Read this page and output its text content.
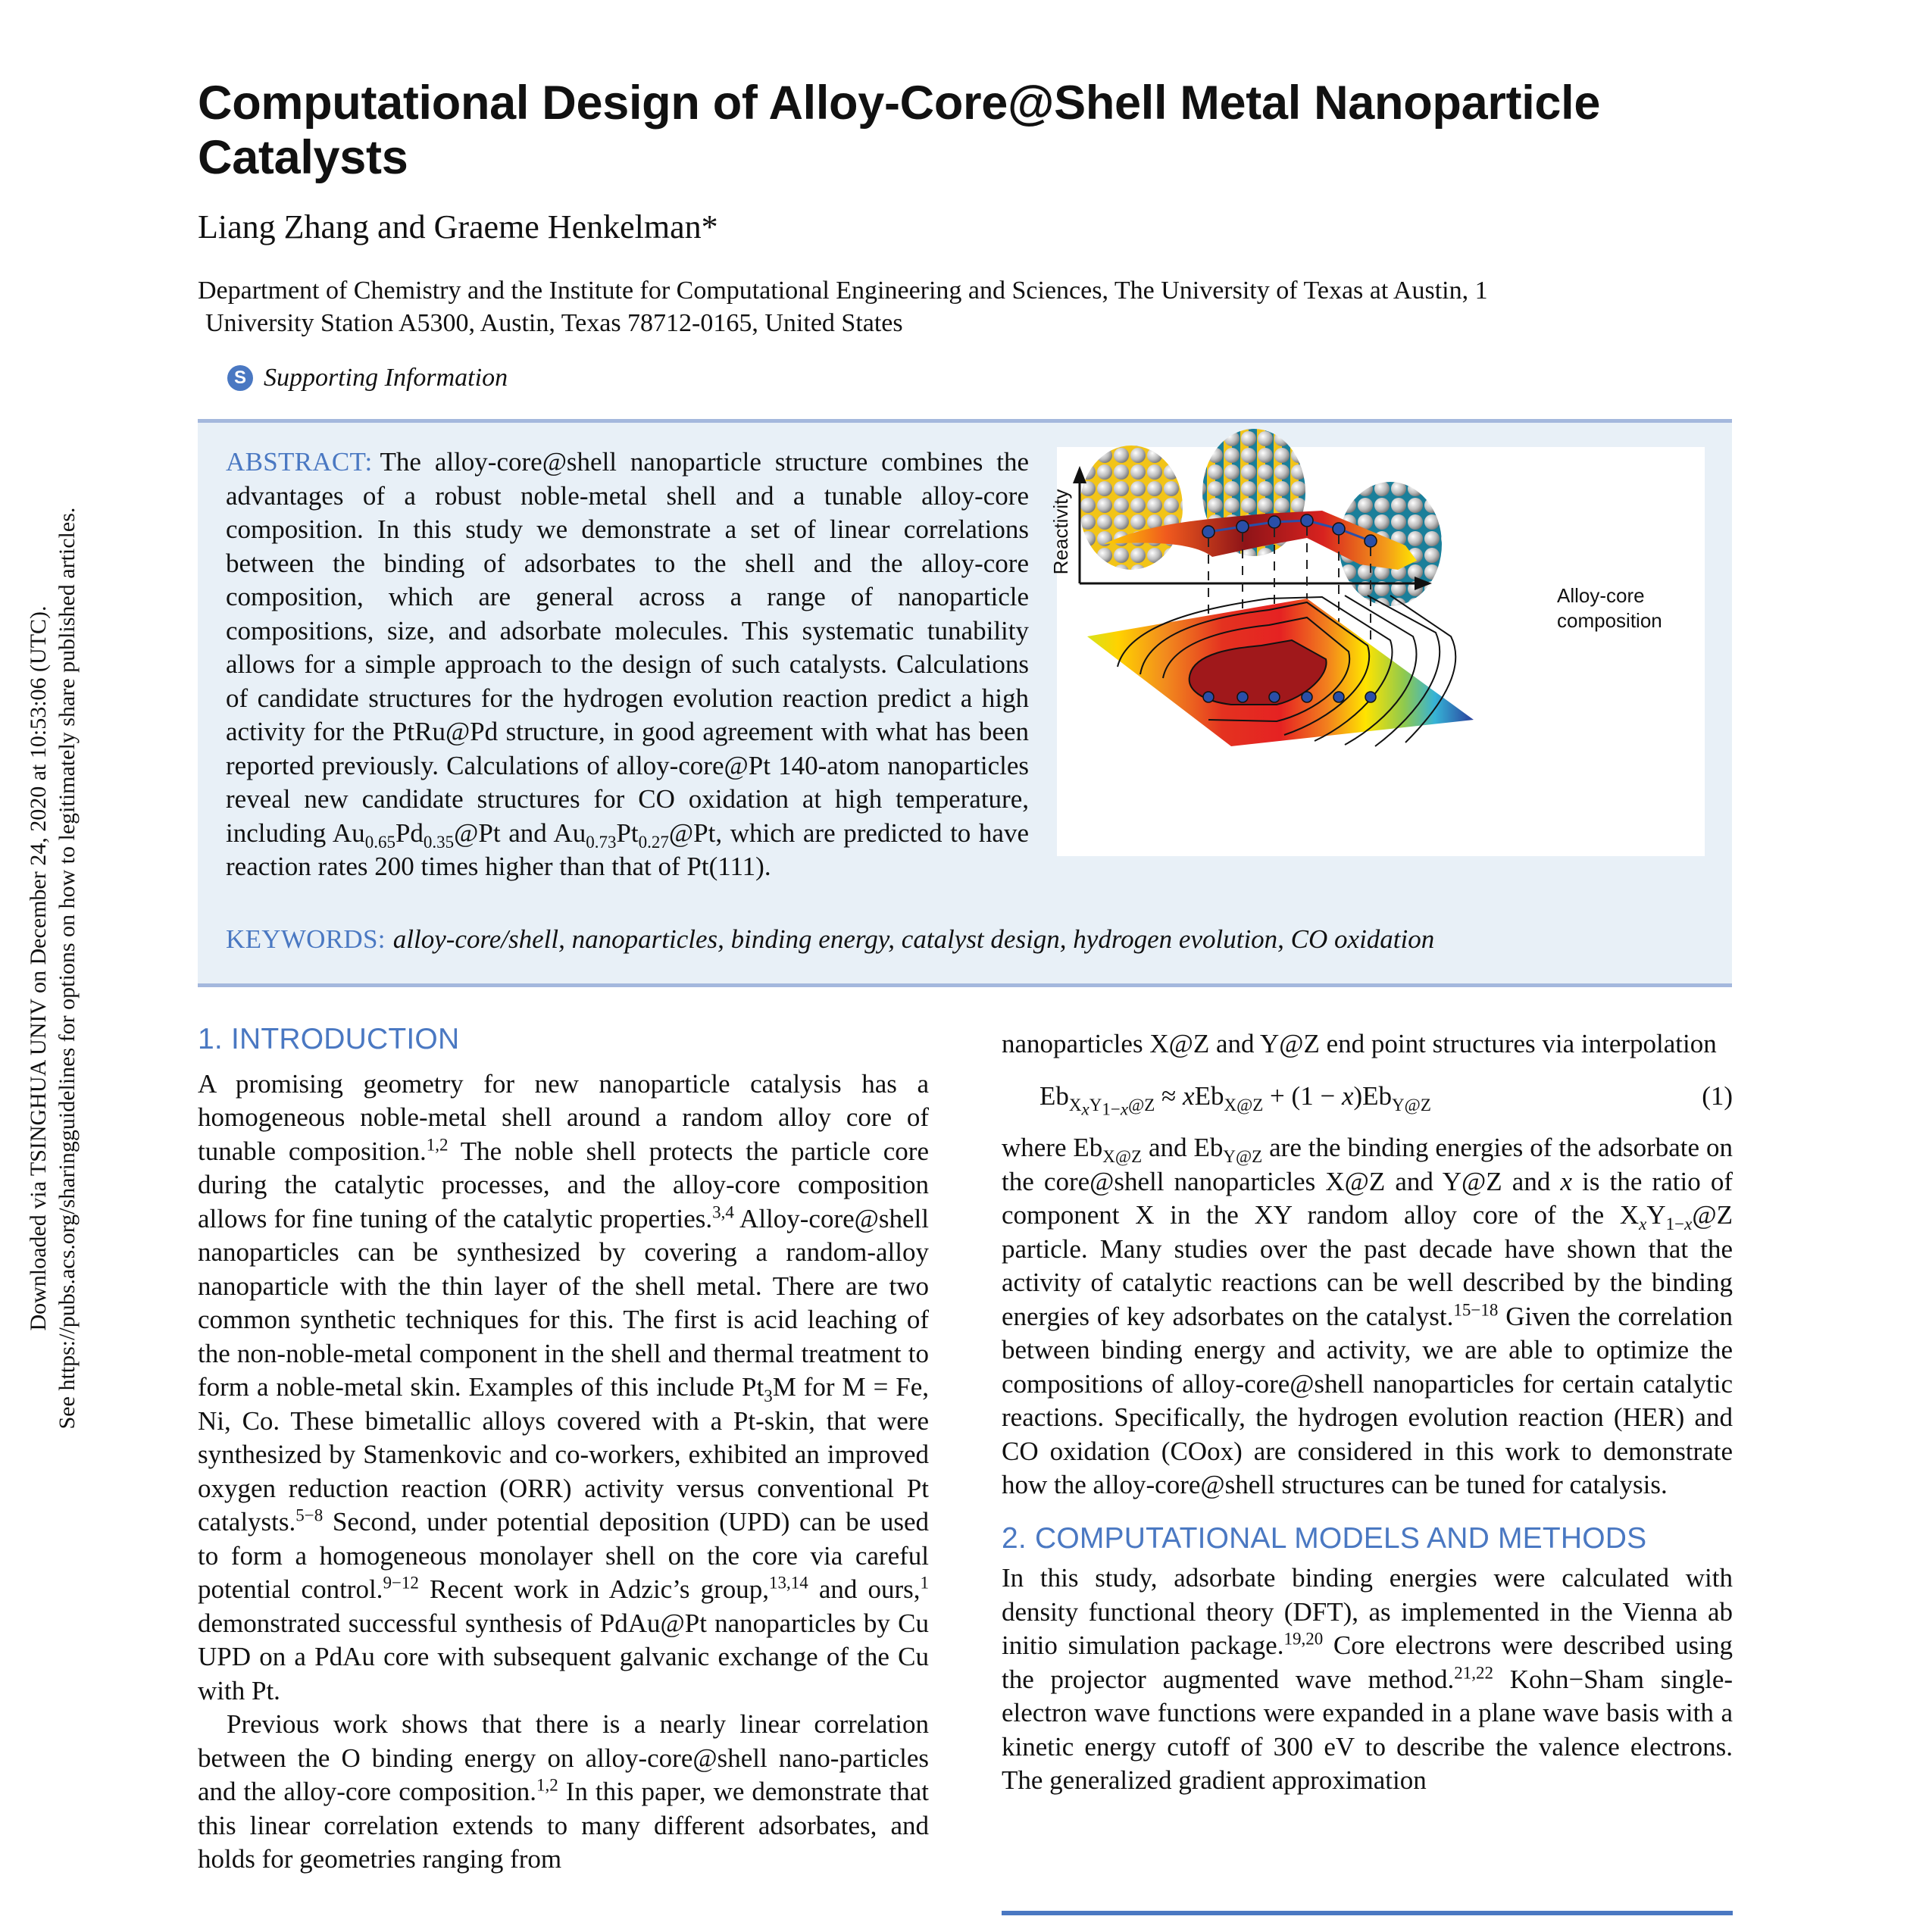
Downloaded via TSINGHUA UNIV on December 24, 2020 at 10:53:06 (UTC). See https://pubs.acs.org/sharingguidelines for options on how to legitimately share published articles.
Computational Design of Alloy-Core@Shell Metal Nanoparticle Catalysts
Liang Zhang and Graeme Henkelman*
Department of Chemistry and the Institute for Computational Engineering and Sciences, The University of Texas at Austin, 1
University Station A5300, Austin, Texas 78712-0165, United States
S Supporting Information
ABSTRACT: The alloy-core@shell nanoparticle structure combines the advantages of a robust noble-metal shell and a tunable alloy-core composition. In this study we demonstrate a set of linear correlations between the binding of adsorbates to the shell and the alloy-core composition, which are general across a range of nanoparticle compositions, size, and adsorbate molecules. This systematic tunability allows for a simple approach to the design of such catalysts. Calculations of candidate structures for the hydrogen evolution reaction predict a high activity for the PtRu@Pd structure, in good agreement with what has been reported previously. Calculations of alloy-core@Pt 140-atom nanoparticles reveal new candidate structures for CO oxidation at high temperature, including $Au_{0.65}Pd_{0.35}@Pt$ and $Au_{0.73}Pt_{0.27}@Pt$, which are predicted to have reaction rates 200 times higher than that of Pt(111).
KEYWORDS: alloy-core/shell, nanoparticles, binding energy, catalyst design, hydrogen evolution, CO oxidation
Reactivity
Alloy-core
composition
1. INTRODUCTION

A promising geometry for new nanoparticle catalysis has a homogeneous noble-metal shell around a random alloy core of tunable composition.$^{1,2}$ The noble shell protects the particle core during the catalytic processes, and the alloy-core composition allows for fine tuning of the catalytic properties.$^{3,4}$ Alloy-core@shell nanoparticles can be synthesized by covering a random-alloy nanoparticle with the thin layer of the shell metal. There are two common synthetic techniques for this. The first is acid leaching of the non-noble-metal component in the shell and thermal treatment to form a noble-metal skin. Examples of this include $Pt_3M$ for M = Fe, Ni, Co. These bimetallic alloys covered with a Pt-skin, that were synthesized by Stamenkovic and co-workers, exhibited an improved oxygen reduction reaction (ORR) activity versus conventional Pt catalysts.$^{5-8}$ Second, under potential deposition (UPD) can be used to form a homogeneous monolayer shell on the core via careful potential control.$^{9-12}$ Recent work in Adzic’s group,$^{13,14}$ and ours,$^1$ demonstrated successful synthesis of PdAu@Pt nanoparticles by Cu UPD on a PdAu core with subsequent galvanic exchange of the Cu with Pt.

Previous work shows that there is a nearly linear correlation between the O binding energy on alloy-core@shell nano-particles and the alloy-core composition.$^{1,2}$ In this paper, we demonstrate that this linear correlation extends to many different adsorbates, and holds for geometries ranging from

nanoparticles X@Z and Y@Z end point structures via interpolation

$Eb_{X_xY_{1-x}@Z} \approx xEb_{X@Z} + (1 - x)Eb_{Y@Z}$	(1)

where $Eb_{X@Z}$ and $Eb_{Y@Z}$ are the binding energies of the adsorbate on the core@shell nanoparticles X@Z and Y@Z and x is the ratio of component X in the XY random alloy core of the $X_xY_{1-x}@Z$ particle. Many studies over the past decade have shown that the activity of catalytic reactions can be well described by the binding energies of key adsorbates on the catalyst.$^{15-18}$ Given the correlation between binding energy and activity, we are able to optimize the compositions of alloy-core@shell nanoparticles for certain catalytic reactions. Specifically, the hydrogen evolution reaction (HER) and CO oxidation (COox) are considered in this work to demonstrate how the alloy-core@shell structures can be tuned for catalysis.

2. COMPUTATIONAL MODELS AND METHODS

In this study, adsorbate binding energies were calculated with density functional theory (DFT), as implemented in the Vienna ab initio simulation package.$^{19,20}$ Core electrons were described using the projector augmented wave method.$^{21,22}$ Kohn−Sham single-electron wave functions were expanded in a plane wave basis with a kinetic energy cutoff of 300 eV to describe the valence electrons. The generalized gradient approximation
